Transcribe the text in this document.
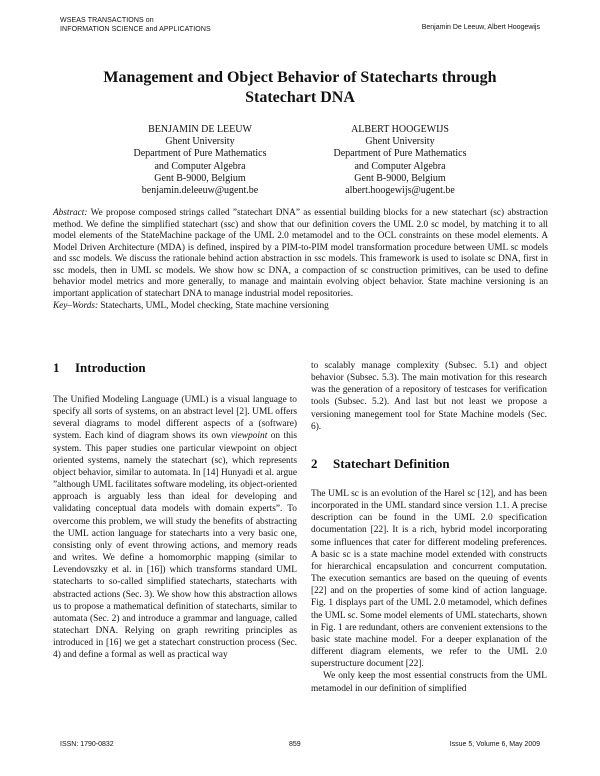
WSEAS TRANSACTIONS on
INFORMATION SCIENCE and APPLICATIONS	Benjamin De Leeuw, Albert Hoogewijs
Management and Object Behavior of Statecharts through
Statechart DNA
BENJAMIN DE LEEUW
Ghent University
Department of Pure Mathematics
and Computer Algebra
Gent B-9000, Belgium
benjamin.deleeuw@ugent.be
ALBERT HOOGEWIJS
Ghent University
Department of Pure Mathematics
and Computer Algebra
Gent B-9000, Belgium
albert.hoogewijs@ugent.be
Abstract: We propose composed strings called ”statechart DNA” as essential building blocks for a new statechart (sc) abstraction method. We define the simplified statechart (ssc) and show that our definition covers the UML 2.0 sc model, by matching it to all model elements of the StateMachine package of the UML 2.0 metamodel and to the OCL constraints on these model elements. A Model Driven Architecture (MDA) is defined, inspired by a PIM-to-PIM model transformation procedure between UML sc models and ssc models. We discuss the rationale behind action abstraction in ssc models. This framework is used to isolate sc DNA, first in ssc models, then in UML sc models. We show how sc DNA, a compaction of sc construction primitives, can be used to define behavior model metrics and more generally, to manage and maintain evolving object behavior. State machine versioning is an important application of statechart DNA to manage industrial model repositories.
Key–Words: Statecharts, UML, Model checking, State machine versioning
1 Introduction

The Unified Modeling Language (UML) is a visual language to specify all sorts of systems, on an abstract level [2]. UML offers several diagrams to model different aspects of a (software) system. Each kind of diagram shows its own viewpoint on this system. This paper studies one particular viewpoint on object oriented systems, namely the statechart (sc), which represents object behavior, similar to automata. In [14] Hunyadi et al. argue ”although UML facilitates software modeling, its object-oriented approach is arguably less than ideal for developing and validating conceptual data models with domain experts”. To overcome this problem, we will study the benefits of abstracting the UML action language for statecharts into a very basic one, consisting only of event throwing actions, and memory reads and writes. We define a homomorphic mapping (similar to Levendovszky et al. in [16]) which transforms standard UML statecharts to so-called simplified statecharts, statecharts with abstracted actions (Sec. 3). We show how this abstraction allows us to propose a mathematical definition of statecharts, similar to automata (Sec. 2) and introduce a grammar and language, called statechart DNA. Relying on graph rewriting principles as introduced in [16] we get a statechart construction process (Sec. 4) and define a formal as well as practical way

to scalably manage complexity (Subsec. 5.1) and object behavior (Subsec. 5.3). The main motivation for this research was the generation of a repository of testcases for verification tools (Subsec. 5.2). And last but not least we propose a versioning manegement tool for State Machine models (Sec. 6).

2 Statechart Definition

The UML sc is an evolution of the Harel sc [12], and has been incorporated in the UML standard since version 1.1. A precise description can be found in the UML 2.0 specification documentation [22]. It is a rich, hybrid model incorporating some influences that cater for different modeling preferences. A basic sc is a state machine model extended with constructs for hierarchical encapsulation and concurrent computation. The execution semantics are based on the queuing of events [22] and on the properties of some kind of action language. Fig. 1 displays part of the UML 2.0 metamodel, which defines the UML sc. Some model elements of UML statecharts, shown in Fig. 1 are redundant, others are convenient extensions to the basic state machine model. For a deeper explanation of the different diagram elements, we refer to the UML 2.0 superstructure document [22].

We only keep the most essential constructs from the UML metamodel in our definition of simplified

ISSN: 1790-0832	859	Issue 5, Volume 6, May 2009
